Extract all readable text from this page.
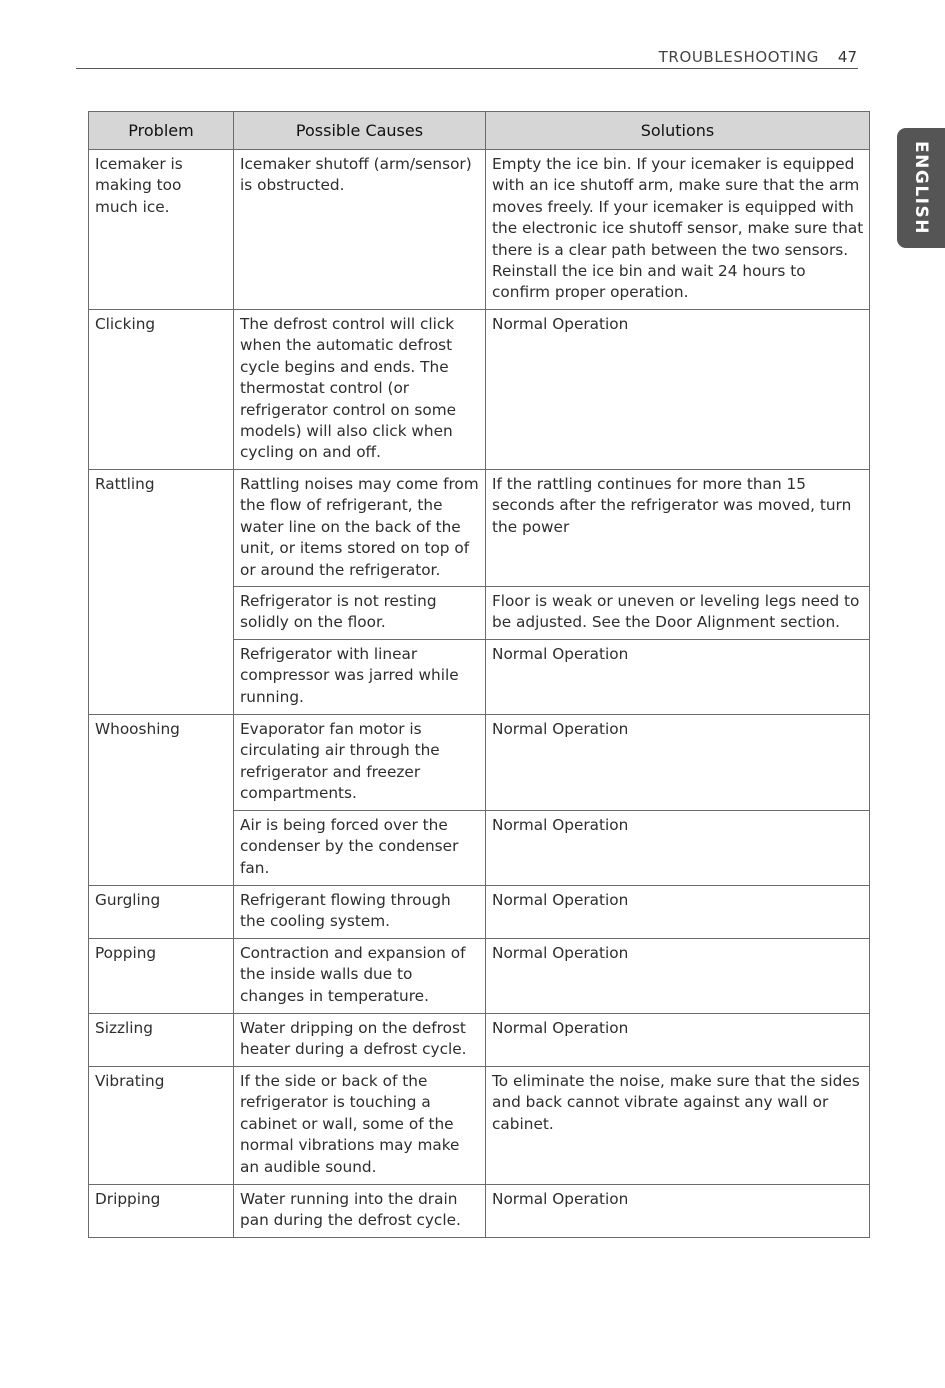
TROUBLESHOOTING 47
ENGLISH
Problem	Possible Causes	Solutions
Icemaker is making too much ice.	Icemaker shutoff (arm/sensor) is obstructed.	Empty the ice bin. If your icemaker is equipped with an ice shutoff arm, make sure that the arm moves freely. If your icemaker is equipped with the electronic ice shutoff sensor, make sure that there is a clear path between the two sensors. Reinstall the ice bin and wait 24 hours to confirm proper operation.
Clicking	The defrost control will click when the automatic defrost cycle begins and ends. The thermostat control (or refrigerator control on some models) will also click when cycling on and off.	Normal Operation
Rattling	Rattling noises may come from the flow of refrigerant, the water line on the back of the unit, or items stored on top of or around the refrigerator.	If the rattling continues for more than 15 seconds after the refrigerator was moved, turn the power
	Refrigerator is not resting solidly on the floor.	Floor is weak or uneven or leveling legs need to be adjusted. See the Door Alignment section.
	Refrigerator with linear compressor was jarred while running.	Normal Operation
Whooshing	Evaporator fan motor is circulating air through the refrigerator and freezer compartments.	Normal Operation
	Air is being forced over the condenser by the condenser fan.	Normal Operation
Gurgling	Refrigerant flowing through the cooling system.	Normal Operation
Popping	Contraction and expansion of the inside walls due to changes in temperature.	Normal Operation
Sizzling	Water dripping on the defrost heater during a defrost cycle.	Normal Operation
Vibrating	If the side or back of the refrigerator is touching a cabinet or wall, some of the normal vibrations may make an audible sound.	To eliminate the noise, make sure that the sides and back cannot vibrate against any wall or cabinet.
Dripping	Water running into the drain pan during the defrost cycle.	Normal Operation
